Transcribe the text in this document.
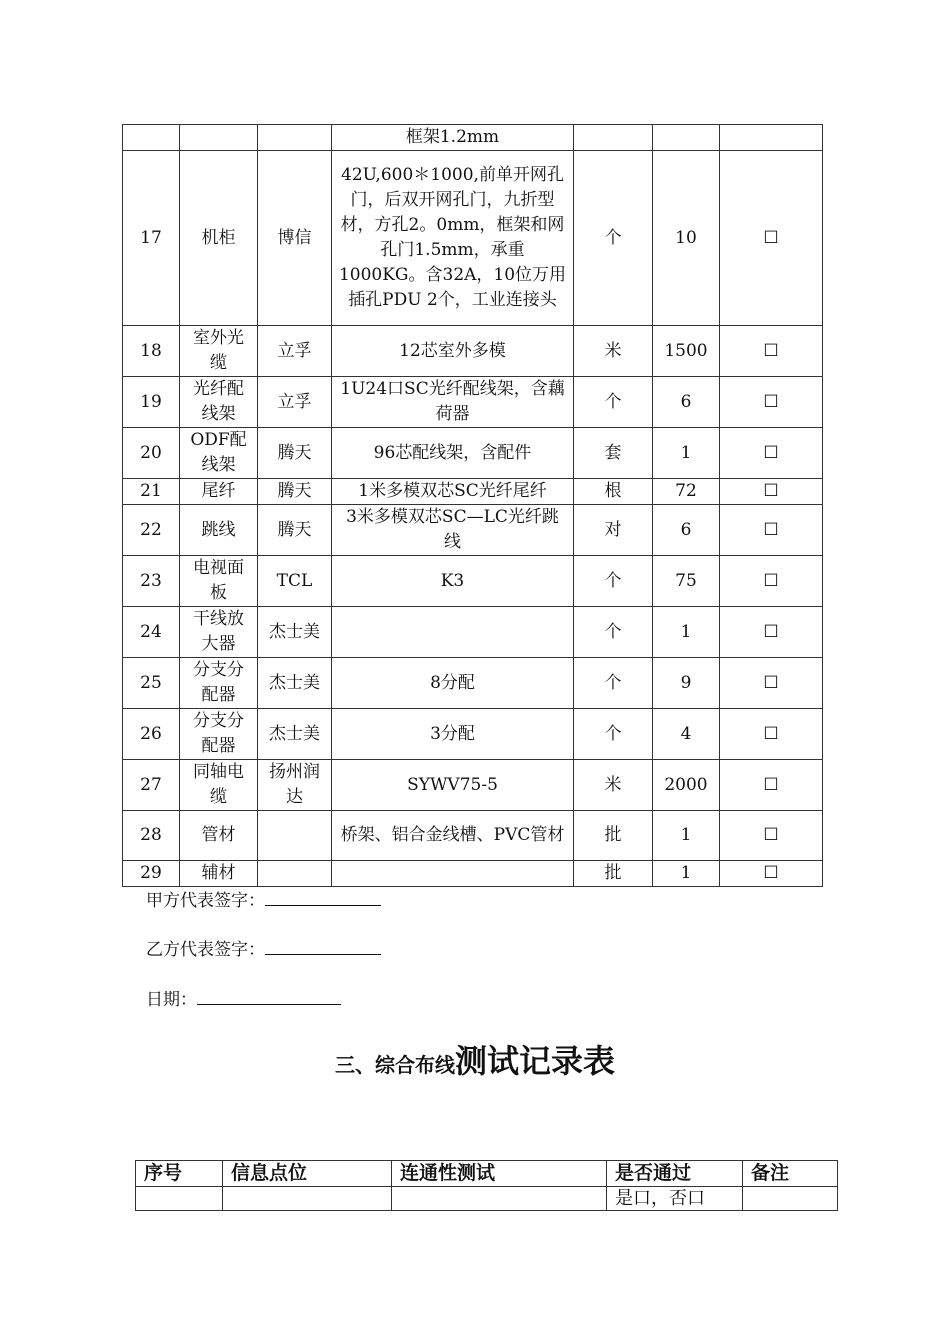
			框架1.2mm			
17	机柜	博信	42U,600＊1000,前单开网孔门，后双开网孔门，九折型材，方孔2。0mm，框架和网孔门1.5mm，承重1000KG。含32A，10位万用插孔PDU 2个，工业连接头	个	10	☐
18	室外光缆	立孚	12芯室外多模	米	1500	☐
19	光纤配线架	立孚	1U24口SC光纤配线架，含藕荷器	个	6	☐
20	ODF配线架	腾天	96芯配线架，含配件	套	1	☐
21	尾纤	腾天	1米多模双芯SC光纤尾纤	根	72	☐
22	跳线	腾天	3米多模双芯SC—LC光纤跳线	对	6	☐
23	电视面板	TCL	K3	个	75	☐
24	干线放大器	杰士美		个	1	☐
25	分支分配器	杰士美	8分配	个	9	☐
26	分支分配器	杰士美	3分配	个	4	☐
27	同轴电缆	扬州润达	SYWV75-5	米	2000	☐
28	管材		桥架、铝合金线槽、PVC管材	批	1	☐
29	辅材			批	1	☐
甲方代表签字：
乙方代表签字：
日期：
三、综合布线测试记录表
序号	信息点位	连通性测试	是否通过	备注
			是口，否口	
